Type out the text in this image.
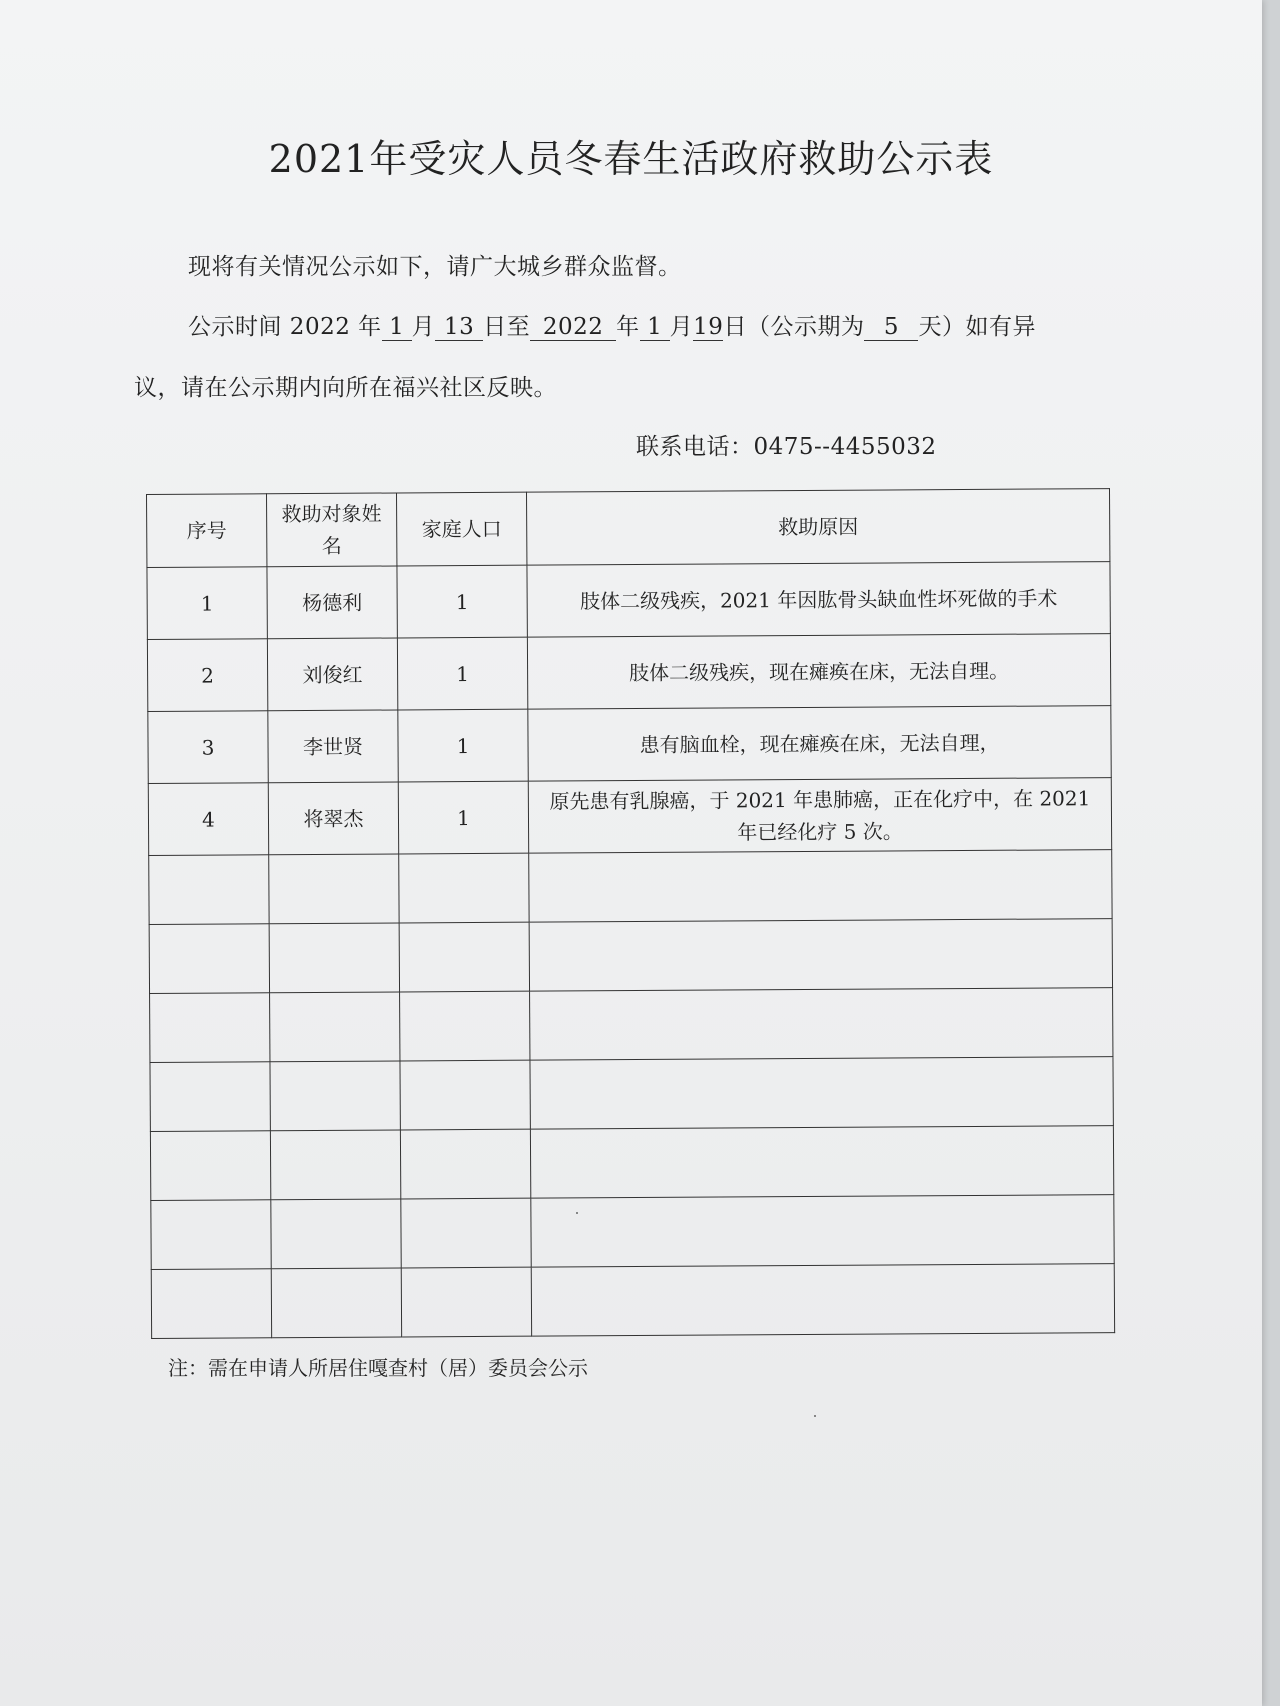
2021年受灾人员冬春生活政府救助公示表
现将有关情况公示如下，请广大城乡群众监督。
公示时间 2022 年 1 月 13 日至 2022 年 1 月19日（公示期为 5 天）如有异
议，请在公示期内向所在福兴社区反映。
联系电话：0475--4455032
序号	救助对象姓名	家庭人口	救助原因
1	杨德利	1	肢体二级残疾，2021 年因肱骨头缺血性坏死做的手术
2	刘俊红	1	肢体二级残疾，现在瘫痪在床，无法自理。
3	李世贤	1	患有脑血栓，现在瘫痪在床，无法自理，
4	将翠杰	1	原先患有乳腺癌，于 2021 年患肺癌，正在化疗中，在 2021 年已经化疗 5 次。

注：需在申请人所居住嘎查村（居）委员会公示
